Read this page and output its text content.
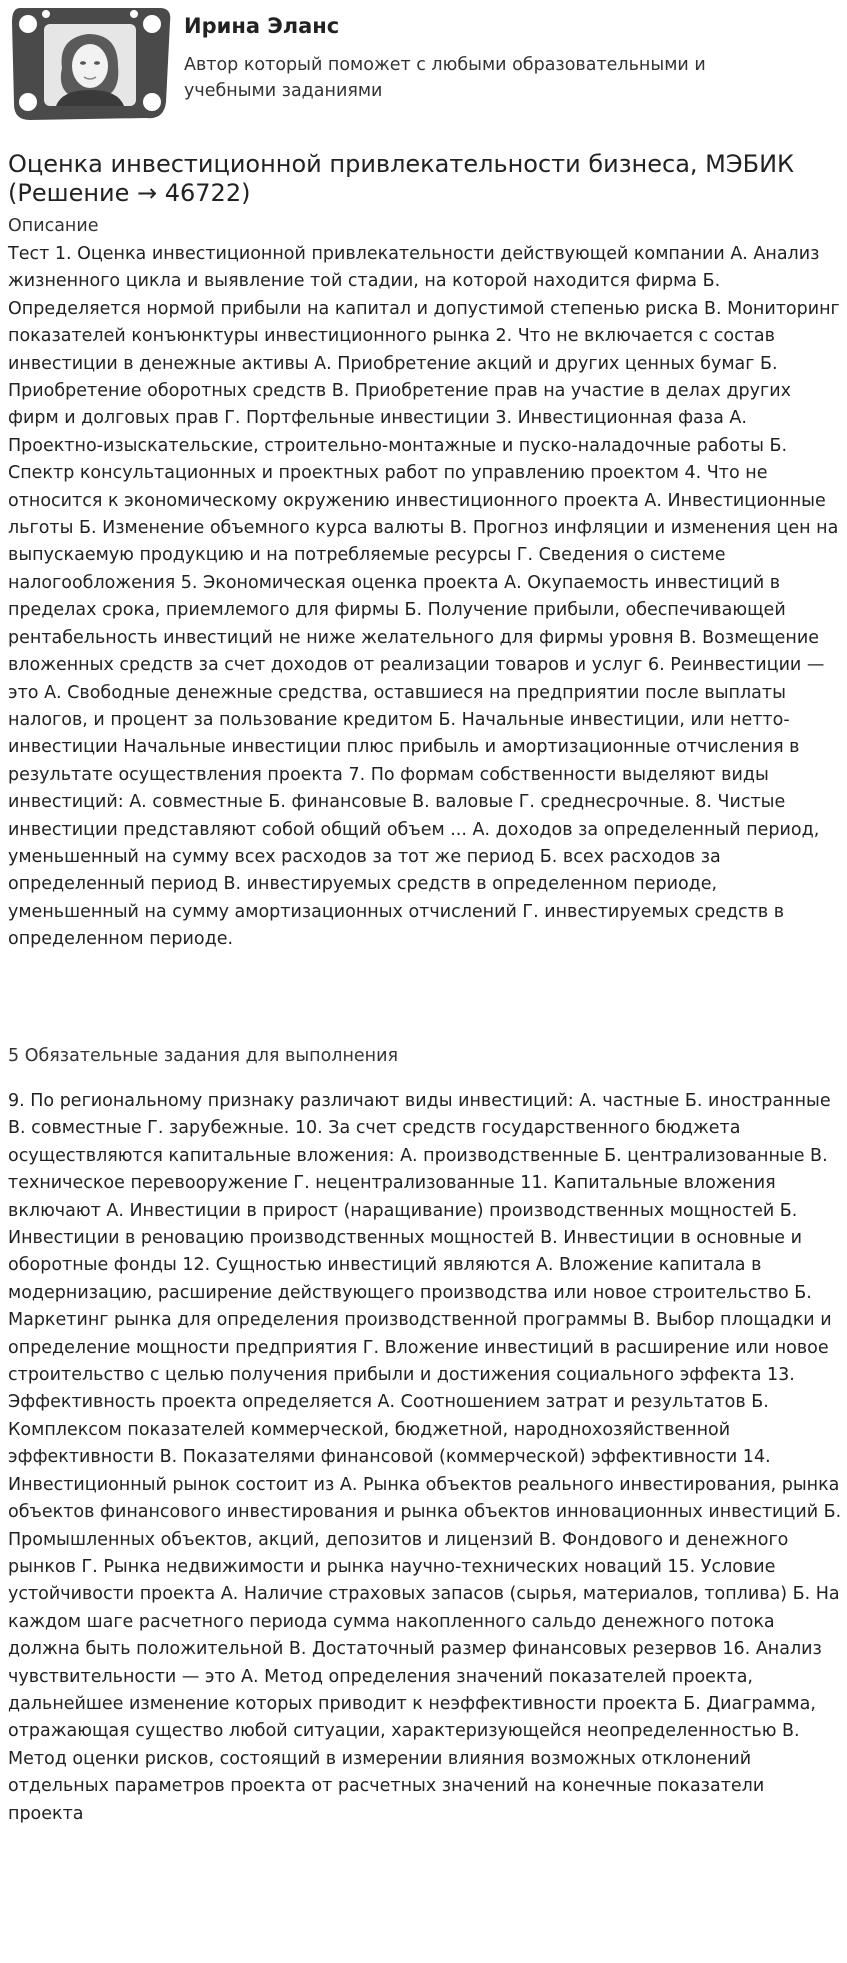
Ирина Эланс
Автор который поможет с любыми образовательными и учебными заданиями
Оценка инвестиционной привлекательности бизнеса, МЭБИК (Решение → 46722)
Описание

Тест 1. Оценка инвестиционной привлекательности действующей компании А. Анализ жизненного цикла и выявление той стадии, на которой находится фирма Б. Определяется нормой прибыли на капитал и допустимой степенью риска В. Мониторинг показателей конъюнктуры инвестиционного рынка 2. Что не включается с состав инвестиции в денежные активы А. Приобретение акций и других ценных бумаг Б. Приобретение оборотных средств В. Приобретение прав на участие в делах других фирм и долговых прав Г. Портфельные инвестиции 3. Инвестиционная фаза А. Проектно-изыскательские, строительно-монтажные и пуско-наладочные работы Б. Спектр консультационных и проектных работ по управлению проектом 4. Что не относится к экономическому окружению инвестиционного проекта А. Инвестиционные льготы Б. Изменение объемного курса валюты В. Прогноз инфляции и изменения цен на выпускаемую продукцию и на потребляемые ресурсы Г. Сведения о системе налогообложения 5. Экономическая оценка проекта А. Окупаемость инвестиций в пределах срока, приемлемого для фирмы Б. Получение прибыли, обеспечивающей рентабельность инвестиций не ниже желательного для фирмы уровня В. Возмещение вложенных средств за счет доходов от реализации товаров и услуг 6. Реинвестиции — это А. Свободные денежные средства, оставшиеся на предприятии после выплаты налогов, и процент за пользование кредитом Б. Начальные инвестиции, или нетто-инвестиции Начальные инвестиции плюс прибыль и амортизационные отчисления в результате осуществления проекта 7. По формам собственности выделяют виды инвестиций: А. совместные Б. финансовые В. валовые Г. среднесрочные. 8. Чистые инвестиции представляют собой общий объем ... А. доходов за определенный период, уменьшенный на сумму всех расходов за тот же период Б. всех расходов за определенный период В. инвестируемых средств в определенном периоде, уменьшенный на сумму амортизационных отчислений Г. инвестируемых средств в определенном периоде.

5 Обязательные задания для выполнения

9. По региональному признаку различают виды инвестиций: А. частные Б. иностранные В. совместные Г. зарубежные. 10. За счет средств государственного бюджета осуществляются капитальные вложения: А. производственные Б. централизованные В. техническое перевооружение Г. нецентрализованные 11. Капитальные вложения включают А. Инвестиции в прирост (наращивание) производственных мощностей Б. Инвестиции в реновацию производственных мощностей В. Инвестиции в основные и оборотные фонды 12. Сущностью инвестиций являются А. Вложение капитала в модернизацию, расширение действующего производства или новое строительство Б. Маркетинг рынка для определения производственной программы В. Выбор площадки и определение мощности предприятия Г. Вложение инвестиций в расширение или новое строительство с целью получения прибыли и достижения социального эффекта 13. Эффективность проекта определяется А. Соотношением затрат и результатов Б. Комплексом показателей коммерческой, бюджетной, народнохозяйственной эффективности В. Показателями финансовой (коммерческой) эффективности 14. Инвестиционный рынок состоит из А. Рынка объектов реального инвестирования, рынка объектов финансового инвестирования и рынка объектов инновационных инвестиций Б. Промышленных объектов, акций, депозитов и лицензий В. Фондового и денежного рынков Г. Рынка недвижимости и рынка научно-технических новаций 15. Условие устойчивости проекта А. Наличие страховых запасов (сырья, материалов, топлива) Б. На каждом шаге расчетного периода сумма накопленного сальдо денежного потока должна быть положительной В. Достаточный размер финансовых резервов 16. Анализ чувствительности — это А. Метод определения значений показателей проекта, дальнейшее изменение которых приводит к неэффективности проекта Б. Диаграмма, отражающая существо любой ситуации, характеризующейся неопределенностью В. Метод оценки рисков, состоящий в измерении влияния возможных отклонений отдельных параметров проекта от расчетных значений на конечные показатели проекта
